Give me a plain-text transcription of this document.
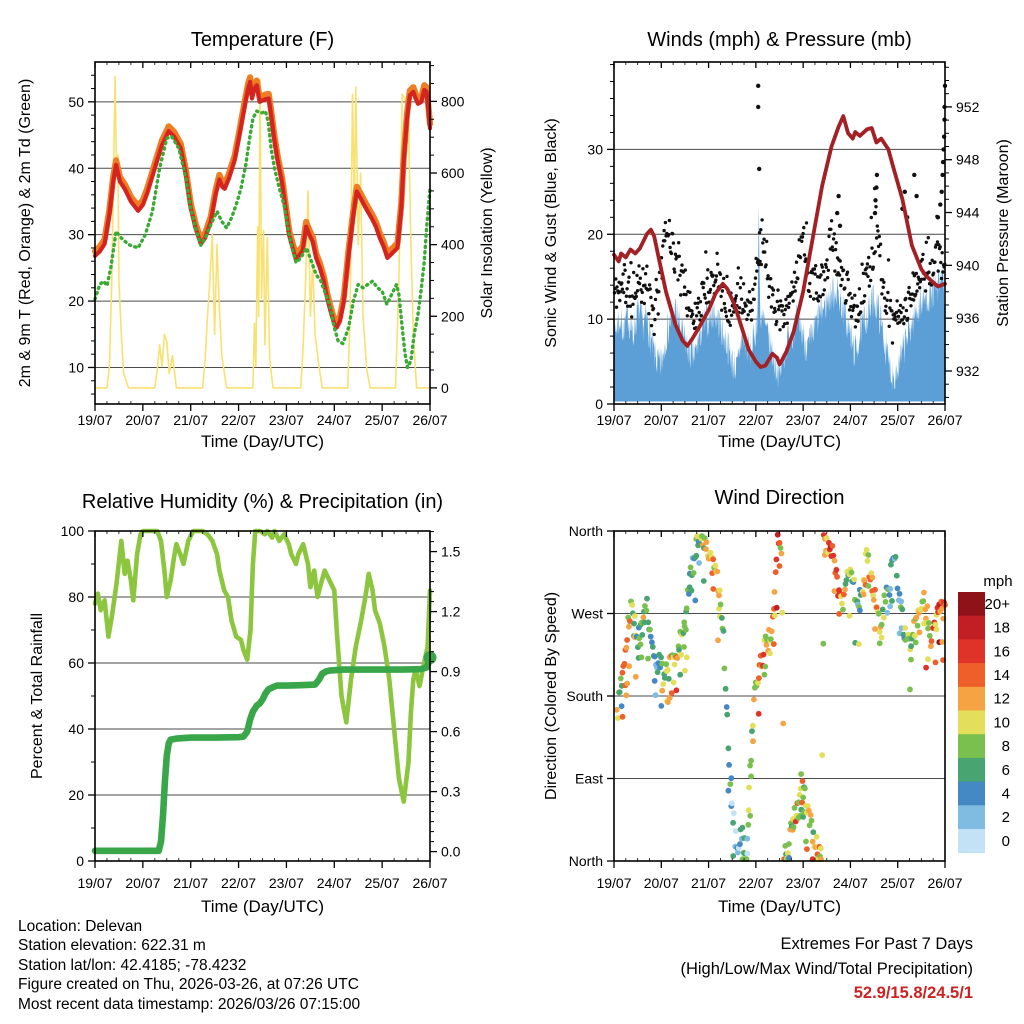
10
20
30
40
50
0
200
400
600
800
19/07 20/07 21/07 22/07 23/07 24/07 25/07 26/07
Temperature (F)
Time (Day/UTC)
2m & 9m T (Red, Orange) & 2m Td (Green)	Solar Insolation (Yellow)
0
10
20
30
932
936
940
944
948
952
19/07 20/07 21/07 22/07 23/07 24/07 25/07 26/07
Winds (mph) & Pressure (mb)
Time (Day/UTC)
Sonic Wind & Gust (Blue, Black)	Station Pressure (Maroon)
0
20
40
60
80
100
0.0
0.3
0.6
0.9
1.2
1.5
19/07 20/07 21/07 22/07 23/07 24/07 25/07 26/07
Relative Humidity (%) & Precipitation (in)
Time (Day/UTC)
Percent & Total Rainfall
North
West
South
East
North
19/07 20/07 21/07 22/07 23/07 24/07 25/07 26/07
Wind Direction
Time (Day/UTC)
Direction (Colored By Speed)
mph
20+
18
16
14
12
10
8
6
4
2
0
Location: Delevan
Station elevation: 622.31 m
Station lat/lon: 42.4185; -78.4232
Figure created on Thu, 2026-03-26, at 07:26 UTC
Most recent data timestamp: 2026/03/26 07:15:00
Extremes For Past 7 Days
(High/Low/Max Wind/Total Precipitation)
52.9/15.8/24.5/1
